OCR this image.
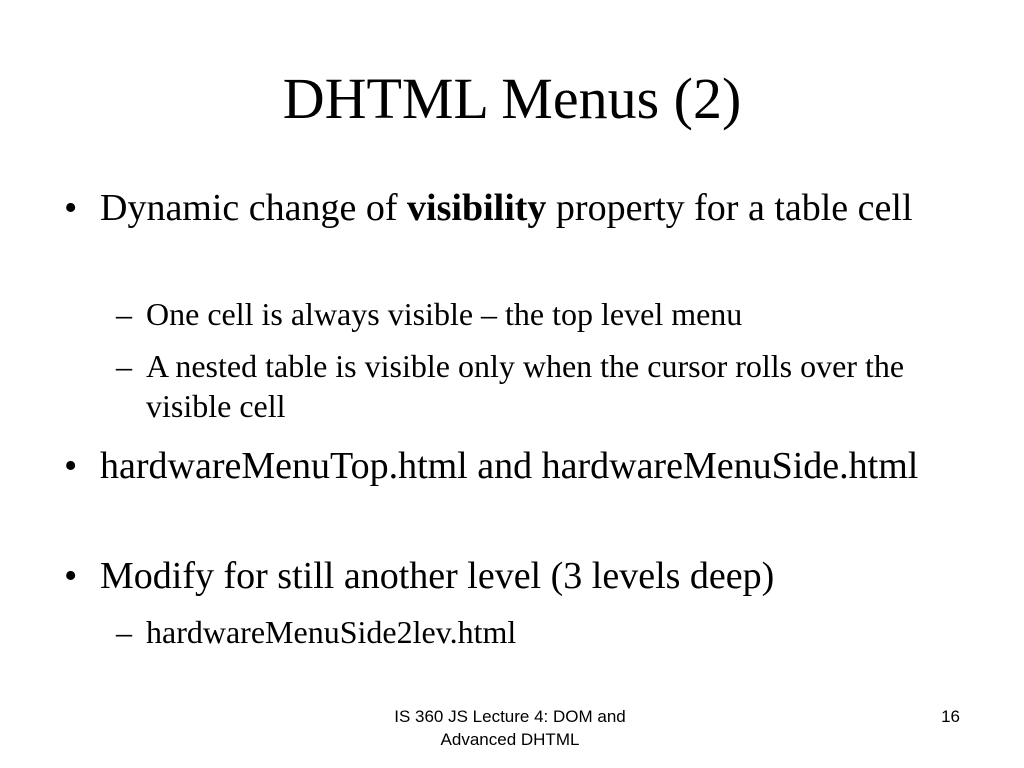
DHTML Menus (2)
• Dynamic change of visibility property for a table cell
– One cell is always visible – the top level menu
– A nested table is visible only when the cursor rolls over the visible cell
• hardwareMenuTop.html and hardwareMenuSide.html
• Modify for still another level (3 levels deep)
– hardwareMenuSide2lev.html
IS 360 JS Lecture 4: DOM and
Advanced DHTML
16
